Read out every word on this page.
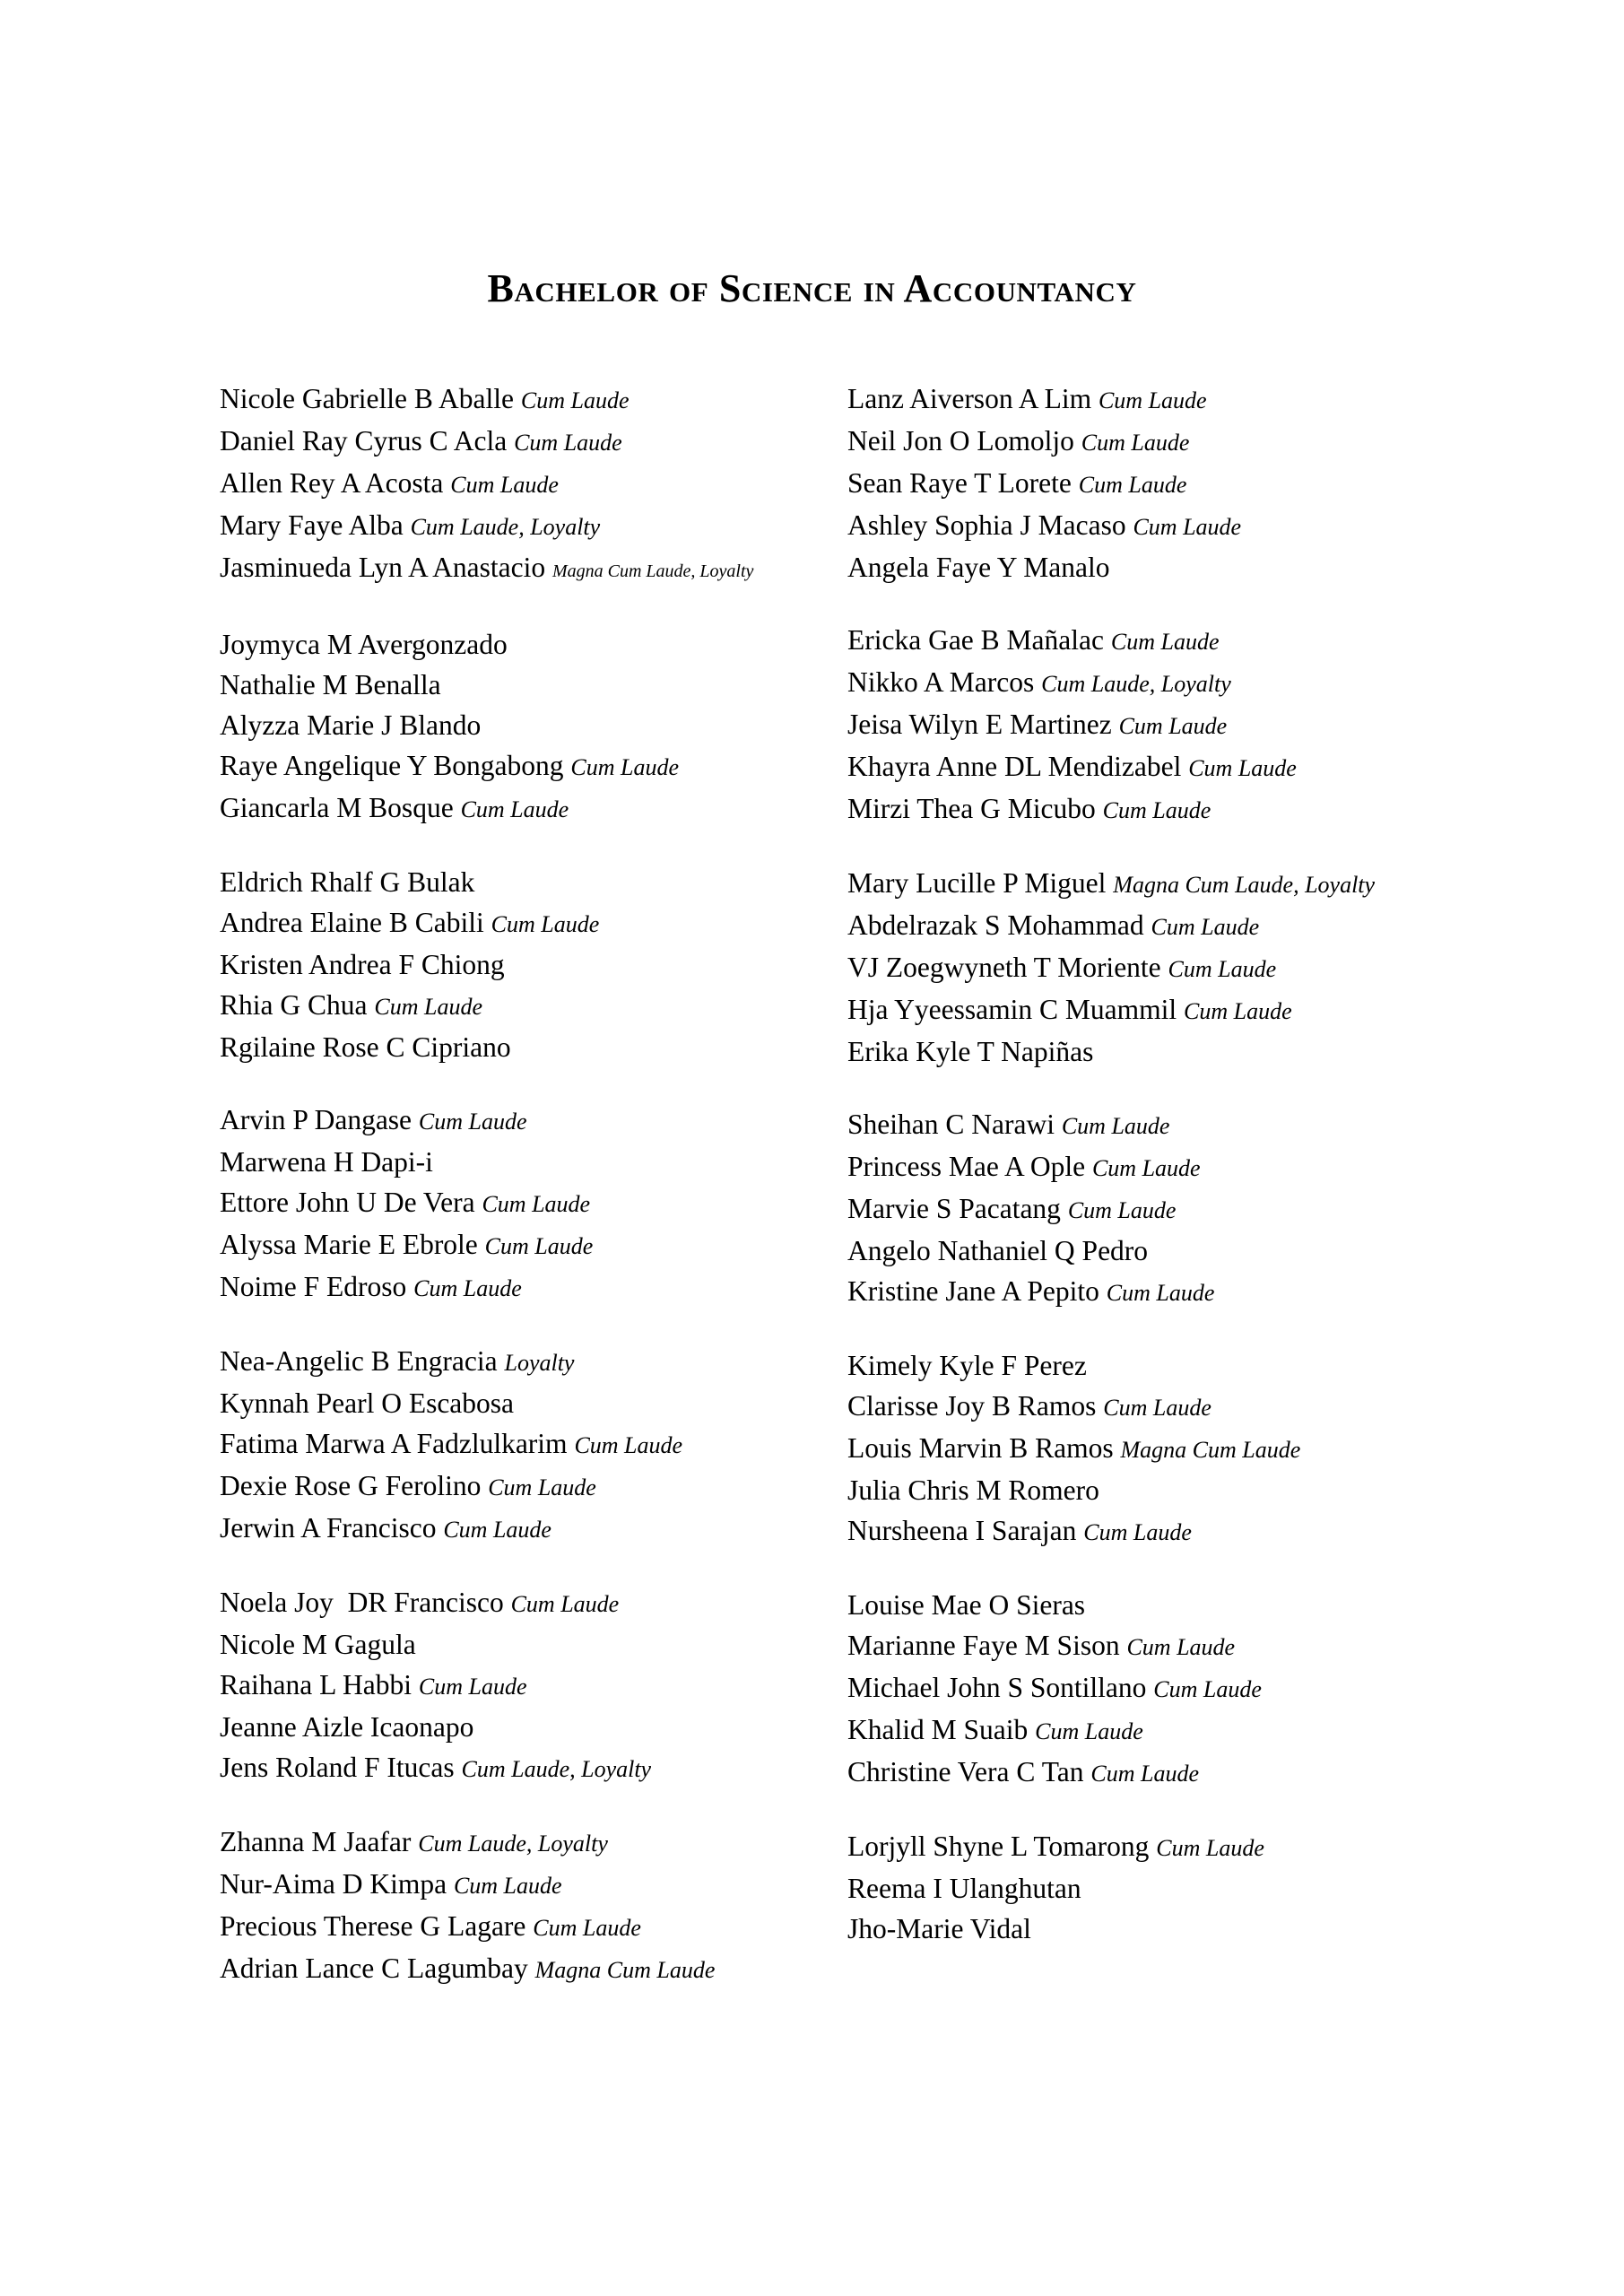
Bachelor of Science in Accountancy
Nicole Gabrielle B Aballe Cum Laude
Daniel Ray Cyrus C Acla Cum Laude
Allen Rey A Acosta Cum Laude
Mary Faye Alba Cum Laude, Loyalty
Jasminueda Lyn A Anastacio Magna Cum Laude, Loyalty
Joymyca M Avergonzado
Nathalie M Benalla
Alyzza Marie J Blando
Raye Angelique Y Bongabong Cum Laude
Giancarla M Bosque Cum Laude
Eldrich Rhalf G Bulak
Andrea Elaine B Cabili Cum Laude
Kristen Andrea F Chiong
Rhia G Chua Cum Laude
Rgilaine Rose C Cipriano
Arvin P Dangase Cum Laude
Marwena H Dapi-i
Ettore John U De Vera Cum Laude
Alyssa Marie E Ebrole Cum Laude
Noime F Edroso Cum Laude
Nea-Angelic B Engracia Loyalty
Kynnah Pearl O Escabosa
Fatima Marwa A Fadzlulkarim Cum Laude
Dexie Rose G Ferolino Cum Laude
Jerwin A Francisco Cum Laude
Noela Joy  DR Francisco Cum Laude
Nicole M Gagula
Raihana L Habbi Cum Laude
Jeanne Aizle Icaonapo
Jens Roland F Itucas Cum Laude, Loyalty
Zhanna M Jaafar Cum Laude, Loyalty
Nur-Aima D Kimpa Cum Laude
Precious Therese G Lagare Cum Laude
Adrian Lance C Lagumbay Magna Cum Laude
Lanz Aiverson A Lim Cum Laude
Neil Jon O Lomoljo Cum Laude
Sean Raye T Lorete Cum Laude
Ashley Sophia J Macaso Cum Laude
Angela Faye Y Manalo
Ericka Gae B Mañalac Cum Laude
Nikko A Marcos Cum Laude, Loyalty
Jeisa Wilyn E Martinez Cum Laude
Khayra Anne DL Mendizabel Cum Laude
Mirzi Thea G Micubo Cum Laude
Mary Lucille P Miguel Magna Cum Laude, Loyalty
Abdelrazak S Mohammad Cum Laude
VJ Zoegwyneth T Moriente Cum Laude
Hja Yyeessamin C Muammil Cum Laude
Erika Kyle T Napiñas
Sheihan C Narawi Cum Laude
Princess Mae A Ople Cum Laude
Marvie S Pacatang Cum Laude
Angelo Nathaniel Q Pedro
Kristine Jane A Pepito Cum Laude
Kimely Kyle F Perez
Clarisse Joy B Ramos Cum Laude
Louis Marvin B Ramos Magna Cum Laude
Julia Chris M Romero
Nursheena I Sarajan Cum Laude
Louise Mae O Sieras
Marianne Faye M Sison Cum Laude
Michael John S Sontillano Cum Laude
Khalid M Suaib Cum Laude
Christine Vera C Tan Cum Laude
Lorjyll Shyne L Tomarong Cum Laude
Reema I Ulanghutan
Jho-Marie Vidal
